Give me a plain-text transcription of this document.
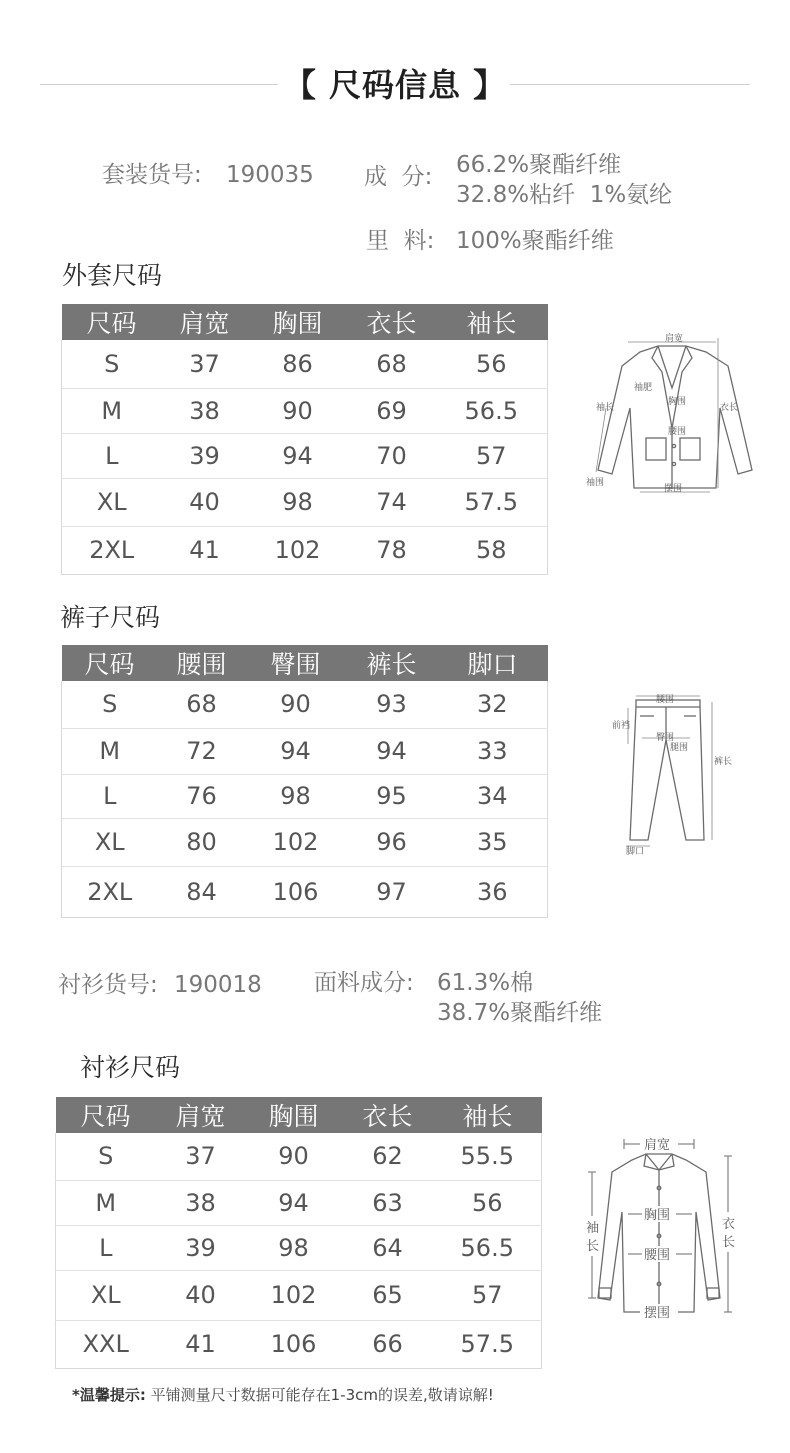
【 尺码信息 】
套装货号: 190035 成  分: 66.2%聚酯纤维
32.8%粘纤  1%氨纶
里  料: 100%聚酯纤维
外套尺码
尺码	肩宽	胸围	衣长	袖长
S	37	86	68	56
M	38	90	69	56.5
L	39	94	70	57
XL	40	98	74	57.5
2XL	41	102	78	58
肩宽
袖长
袖肥
胸围
腰围
衣长
袖围
摆围
裤子尺码
尺码	腰围	臀围	裤长	脚口
S	68	90	93	32
M	72	94	94	33
L	76	98	95	34
XL	80	102	96	35
2XL	84	106	97	36
腰围
前裆
臀围
腿围
裤长
脚口
衬衫货号: 190018 面料成分: 61.3%棉
38.7%聚酯纤维
衬衫尺码
尺码	肩宽	胸围	衣长	袖长
S	37	90	62	55.5
M	38	94	63	56
L	39	98	64	56.5
XL	40	102	65	57
XXL	41	106	66	57.5
肩宽
胸围
腰围
摆围
袖
长
衣
长
*温馨提示: 平铺测量尺寸数据可能存在1-3cm的误差,敬请谅解!
